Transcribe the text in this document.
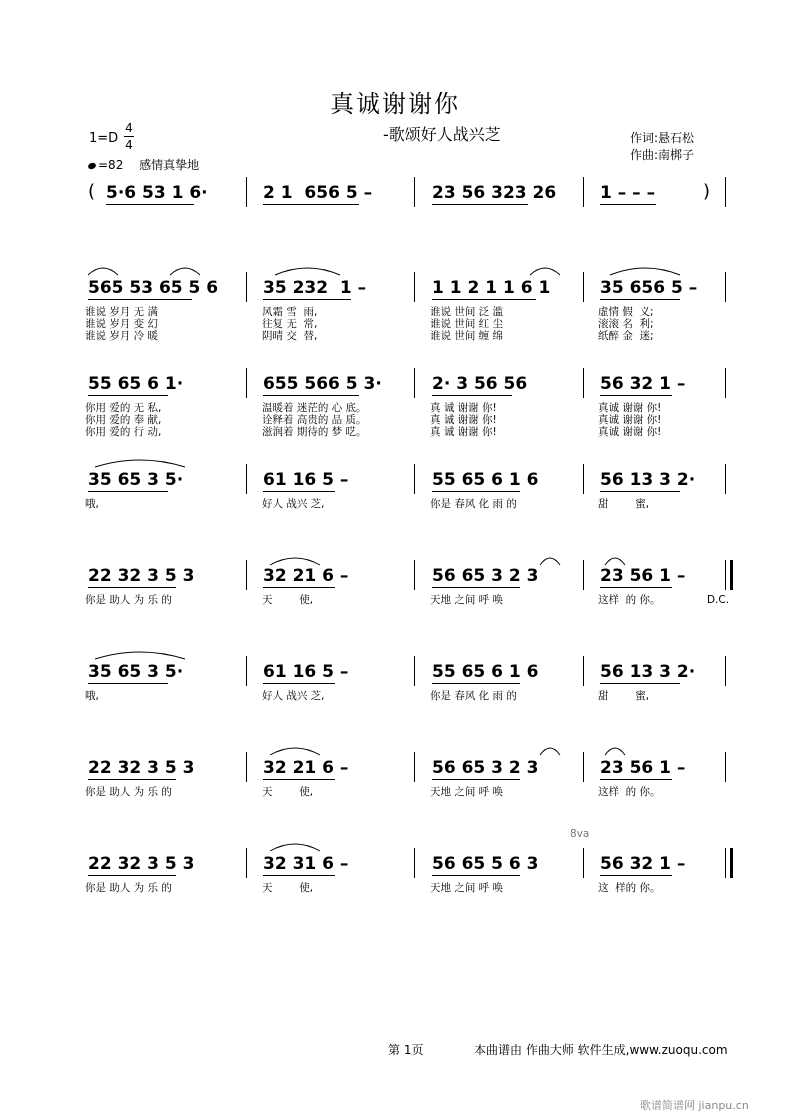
真诚谢谢你
-歌颂好人战兴芝	作词:悬石松
作曲:南梆子
1=D
4
4
=82 感情真挚地
5·6 53 1 6·	2 1  656 5 –	23 56 323 26	1 – – –
(	)
565 53 65 5 6	35 232  1 –	1 1 2 1 1 6 1	35 656 5 –
谁说 岁月 无 满	风霜 雪  雨,	谁说 世间 泛 滥	虚情 假  义;
谁说 岁月 变 幻	往复 无  常,	谁说 世间 红 尘	滚滚 名  利;
谁说 岁月 冷 暖	阴晴 交  替,	谁说 世间 缠 绵	纸醉 金  迷;
55 65 6 1·	655 566 5 3·	2· 3 56 56	56 32 1 –
你用 爱的 无 私,	温暖着 迷茫的 心 底。	真 诚 谢谢 你!	真诚 谢谢 你!
你用 爱的 奉 献,	诠释着 高贵的 品 质。	真 诚 谢谢 你!	真诚 谢谢 你!
你用 爱的 行 动,	滋润着 期待的 梦 呓。	真 诚 谢谢 你!	真诚 谢谢 你!
35 65 3 5·	61 16 5 –	55 65 6 1 6	56 13 3 2·
哦,	好人 战兴 芝,	你是 春风 化 雨 的	甜        蜜,
22 32 3 5 3	32 21 6 –	56 65 3 2 3	23 56 1 –
你是 助人 为 乐 的	天        使,	天地 之间 呼 唤	这样  的 你。	D.C.
35 65 3 5·	61 16 5 –	55 65 6 1 6	56 13 3 2·
哦,	好人 战兴 芝,	你是 春风 化 雨 的	甜        蜜,
22 32 3 5 3	32 21 6 –	56 65 3 2 3	23 56 1 –
你是 助人 为 乐 的	天        使,	天地 之间 呼 唤	这样  的 你。
22 32 3 5 3	32 31 6 –	56 65 5 6 3	56 32 1 –
你是 助人 为 乐 的	天        使,	天地 之间 呼 唤	这  样的 你。
8va
第 1页	本曲谱由 作曲大师 软件生成,www.zuoqu.com
歌谱简谱网 jianpu.cn
